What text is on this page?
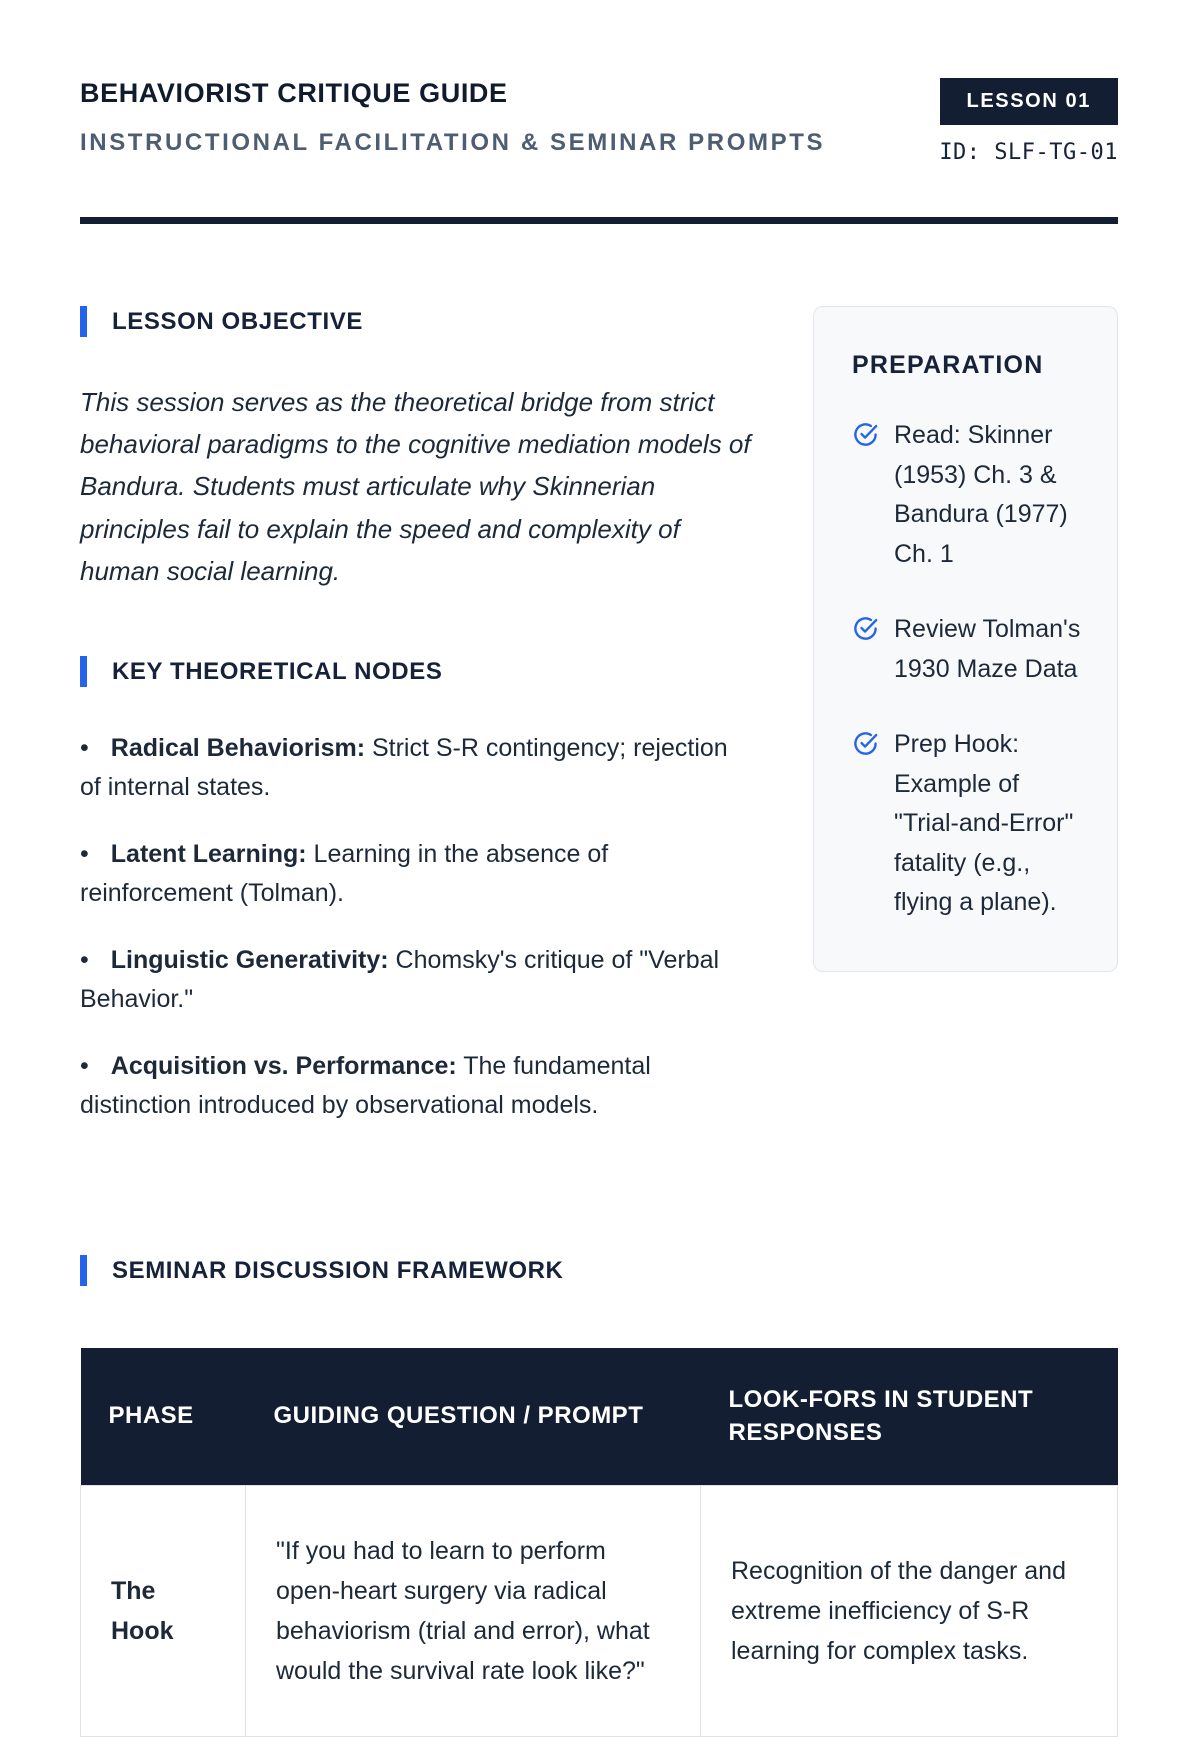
BEHAVIORIST CRITIQUE GUIDE
INSTRUCTIONAL FACILITATION & SEMINAR PROMPTS
LESSON 01
ID: SLF-TG-01
LESSON OBJECTIVE

This session serves as the theoretical bridge from strict behavioral paradigms to the cognitive mediation models of Bandura. Students must articulate why Skinnerian principles fail to explain the speed and complexity of human social learning.

KEY THEORETICAL NODES

• Radical Behaviorism: Strict S-R contingency; rejection of internal states.

• Latent Learning: Learning in the absence of reinforcement (Tolman).

• Linguistic Generativity: Chomsky's critique of "Verbal Behavior."

• Acquisition vs. Performance: The fundamental distinction introduced by observational models.

PREPARATION
Read: Skinner (1953) Ch. 3 & Bandura (1977) Ch. 1
Review Tolman's 1930 Maze Data
Prep Hook: Example of "Trial-and-Error" fatality (e.g., flying a plane).
SEMINAR DISCUSSION FRAMEWORK
PHASE	GUIDING QUESTION / PROMPT	LOOK-FORS IN STUDENT RESPONSES
The Hook	"If you had to learn to perform open-heart surgery via radical behaviorism (trial and error), what would the survival rate look like?"	Recognition of the danger and extreme inefficiency of S-R learning for complex tasks.
